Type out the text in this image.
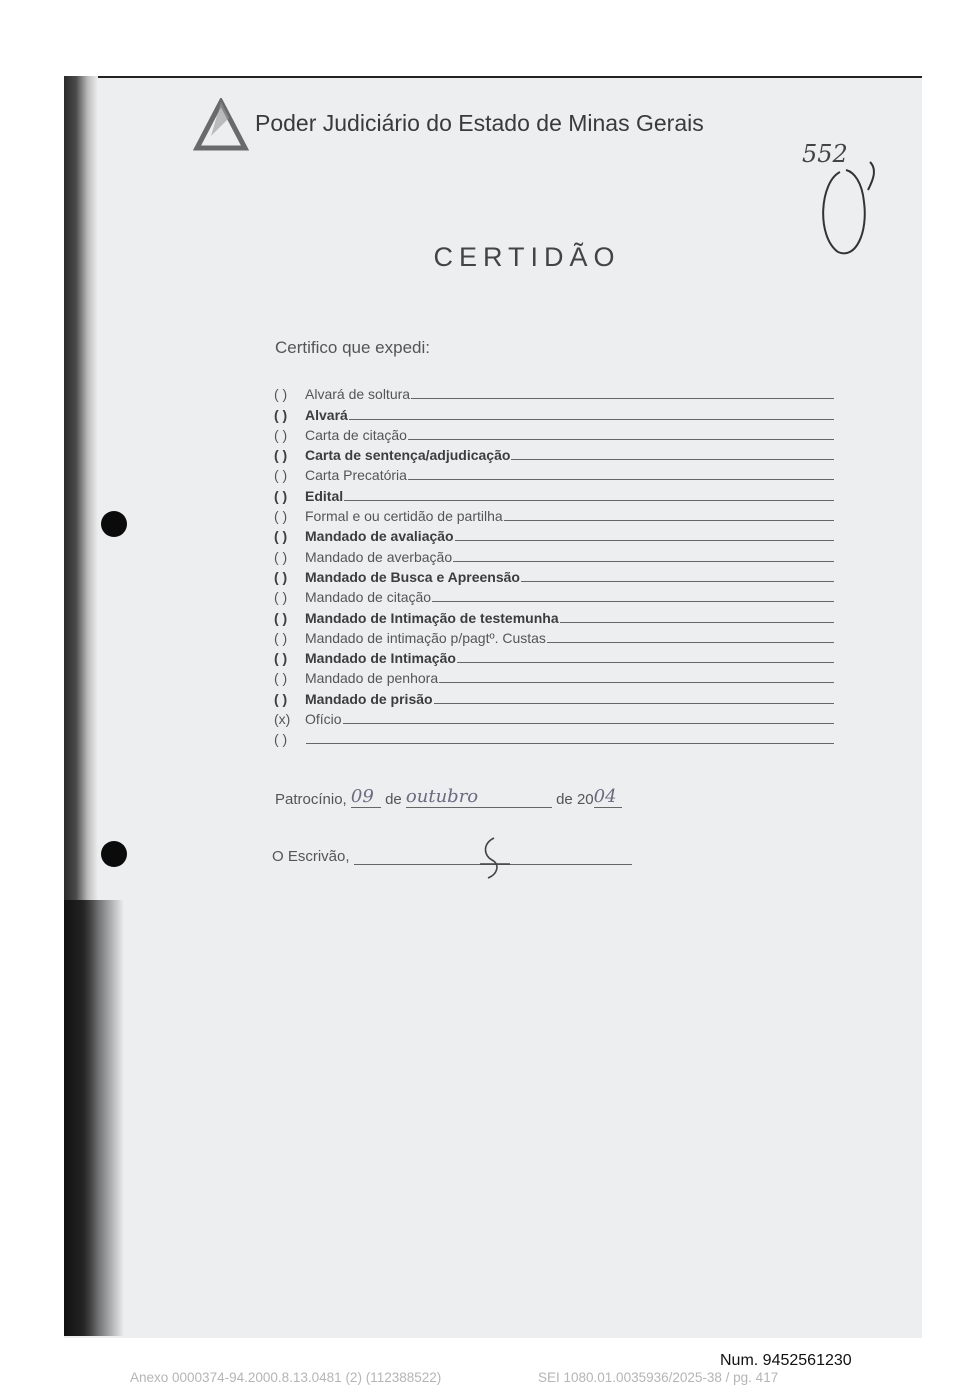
Poder Judiciário do Estado de Minas Gerais
552
CERTIDÃO
Certifico que expedi:
( )	Alvará de soltura
( )	Alvará
( )	Carta de citação
( )	Carta de sentença/adjudicação
( )	Carta Precatória
( )	Edital
( )	Formal e ou certidão de partilha
( )	Mandado de avaliação
( )	Mandado de averbação
( )	Mandado de Busca e Apreensão
( )	Mandado de citação
( )	Mandado de Intimação de testemunha
( )	Mandado de intimação p/pagtº. Custas
( )	Mandado de Intimação
( )	Mandado de penhora
( )	Mandado de prisão
(x)	Ofício
( )
Patrocínio, 09 de outubro	de 2004
O Escrivão,
Num. 9452561230
Anexo 0000374-94.2000.8.13.0481 (2) (112388522)	SEI 1080.01.0035936/2025-38 / pg. 417
